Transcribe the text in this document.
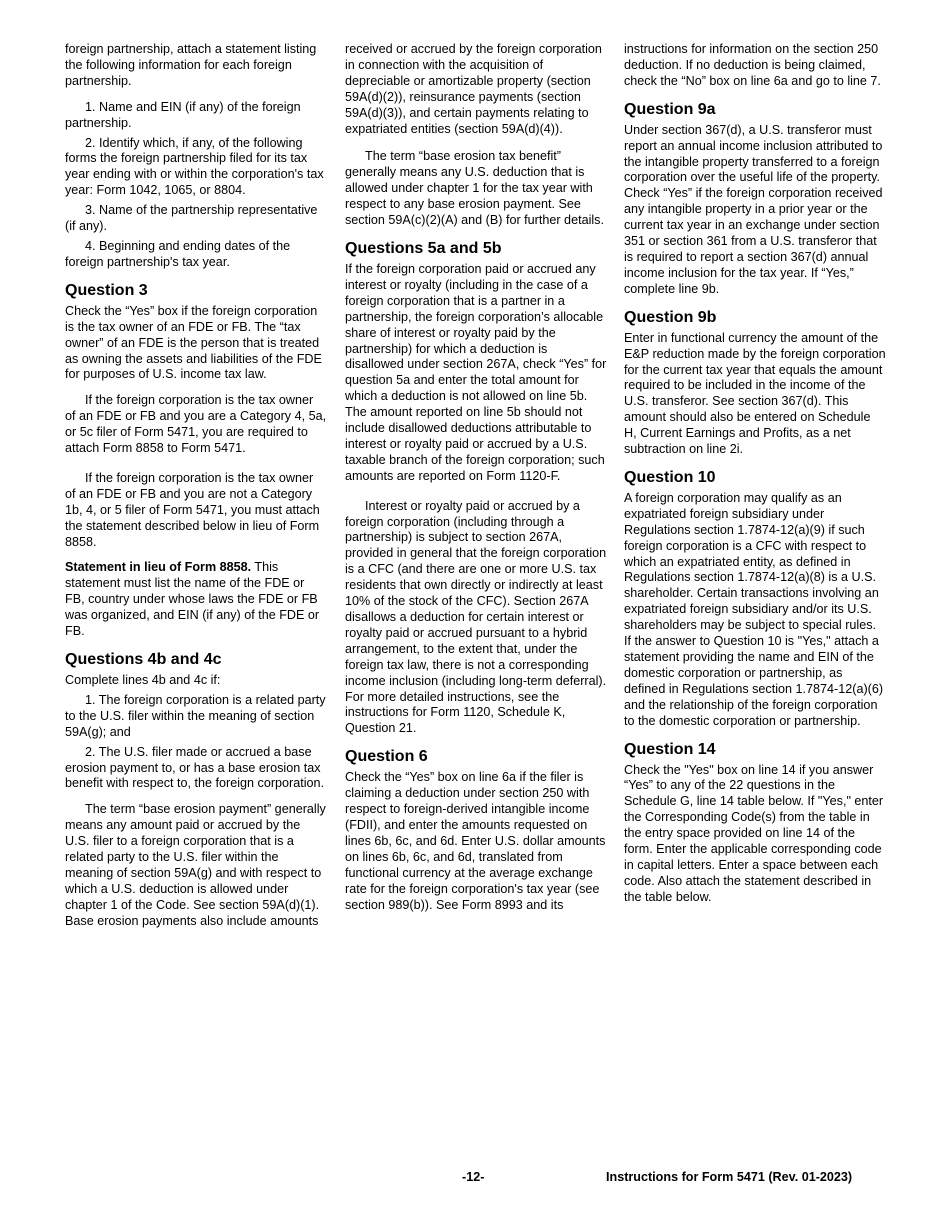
foreign partnership, attach a statement listing the following information for each foreign partnership.

1. Name and EIN (if any) of the foreign partnership.

2. Identify which, if any, of the following forms the foreign partnership filed for its tax year ending with or within the corporation's tax year: Form 1042, 1065, or 8804.

3. Name of the partnership representative (if any).

4. Beginning and ending dates of the foreign partnership's tax year.

Question 3

Check the “Yes” box if the foreign corporation is the tax owner of an FDE or FB. The “tax owner” of an FDE is the person that is treated as owning the assets and liabilities of the FDE for purposes of U.S. income tax law.

If the foreign corporation is the tax owner of an FDE or FB and you are a Category 4, 5a, or 5c filer of Form 5471, you are required to attach Form 8858 to Form 5471.

If the foreign corporation is the tax owner of an FDE or FB and you are not a Category 1b, 4, or 5 filer of Form 5471, you must attach the statement described below in lieu of Form 8858.

Statement in lieu of Form 8858. This statement must list the name of the FDE or FB, country under whose laws the FDE or FB was organized, and EIN (if any) of the FDE or FB.

Questions 4b and 4c

Complete lines 4b and 4c if:

1. The foreign corporation is a related party to the U.S. filer within the meaning of section 59A(g); and

2. The U.S. filer made or accrued a base erosion payment to, or has a base erosion tax benefit with respect to, the foreign corporation.

The term “base erosion payment” generally means any amount paid or accrued by the U.S. filer to a foreign corporation that is a related party to the U.S. filer within the meaning of section 59A(g) and with respect to which a U.S. deduction is allowed under chapter 1 of the Code. See section 59A(d)(1). Base erosion payments also include amounts

received or accrued by the foreign corporation in connection with the acquisition of depreciable or amortizable property (section 59A(d)(2)), reinsurance payments (section 59A(d)(3)), and certain payments relating to expatriated entities (section 59A(d)(4)).

The term “base erosion tax benefit” generally means any U.S. deduction that is allowed under chapter 1 for the tax year with respect to any base erosion payment. See section 59A(c)(2)(A) and (B) for further details.

Questions 5a and 5b

If the foreign corporation paid or accrued any interest or royalty (including in the case of a foreign corporation that is a partner in a partnership, the foreign corporation’s allocable share of interest or royalty paid by the partnership) for which a deduction is disallowed under section 267A, check “Yes” for question 5a and enter the total amount for which a deduction is not allowed on line 5b. The amount reported on line 5b should not include disallowed deductions attributable to interest or royalty paid or accrued by a U.S. taxable branch of the foreign corporation; such amounts are reported on Form 1120-F.

Interest or royalty paid or accrued by a foreign corporation (including through a partnership) is subject to section 267A, provided in general that the foreign corporation is a CFC (and there are one or more U.S. tax residents that own directly or indirectly at least 10% of the stock of the CFC). Section 267A disallows a deduction for certain interest or royalty paid or accrued pursuant to a hybrid arrangement, to the extent that, under the foreign tax law, there is not a corresponding income inclusion (including long-term deferral). For more detailed instructions, see the instructions for Form 1120, Schedule K, Question 21.

Question 6

Check the “Yes” box on line 6a if the filer is claiming a deduction under section 250 with respect to foreign-derived intangible income (FDII), and enter the amounts requested on lines 6b, 6c, and 6d. Enter U.S. dollar amounts on lines 6b, 6c, and 6d, translated from functional currency at the average exchange rate for the foreign corporation's tax year (see section 989(b)). See Form 8993 and its

instructions for information on the section 250 deduction. If no deduction is being claimed, check the “No” box on line 6a and go to line 7.

Question 9a

Under section 367(d), a U.S. transferor must report an annual income inclusion attributed to the intangible property transferred to a foreign corporation over the useful life of the property. Check “Yes” if the foreign corporation received any intangible property in a prior year or the current tax year in an exchange under section 351 or section 361 from a U.S. transferor that is required to report a section 367(d) annual income inclusion for the tax year. If “Yes,” complete line 9b.

Question 9b

Enter in functional currency the amount of the E&P reduction made by the foreign corporation for the current tax year that equals the amount required to be included in the income of the U.S. transferor. See section 367(d). This amount should also be entered on Schedule H, Current Earnings and Profits, as a net subtraction on line 2i.

Question 10

A foreign corporation may qualify as an expatriated foreign subsidiary under Regulations section 1.7874-12(a)(9) if such foreign corporation is a CFC with respect to which an expatriated entity, as defined in Regulations section 1.7874-12(a)(8) is a U.S. shareholder. Certain transactions involving an expatriated foreign subsidiary and/or its U.S. shareholders may be subject to special rules. If the answer to Question 10 is "Yes," attach a statement providing the name and EIN of the domestic corporation or partnership, as defined in Regulations section 1.7874-12(a)(6) and the relationship of the foreign corporation to the domestic corporation or partnership.

Question 14

Check the "Yes" box on line 14 if you answer “Yes” to any of the 22 questions in the Schedule G, line 14 table below. If "Yes," enter the Corresponding Code(s) from the table in the entry space provided on line 14 of the form. Enter the applicable corresponding code in capital letters. Enter a space between each code. Also attach the statement described in the table below.

-12-	Instructions for Form 5471 (Rev. 01-2023)
